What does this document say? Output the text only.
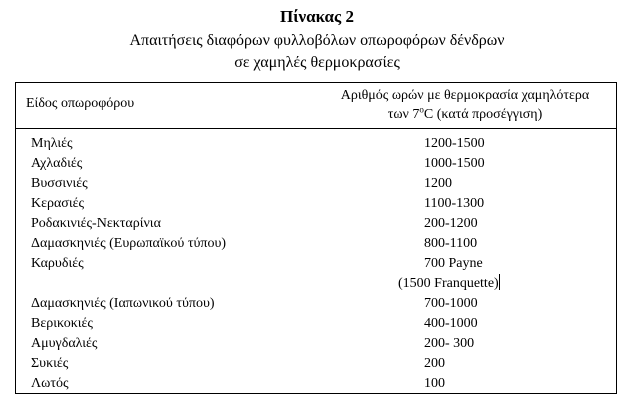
Πίνακας 2
Απαιτήσεις διαφόρων φυλλοβόλων οπωροφόρων δένδρων
σε χαμηλές θερμοκρασίες
Είδος οπωροφόρου
Αριθμός ωρών με θερμοκρασία χαμηλότερα
των $7^oC$ (κατά προσέγγιση)
Μηλιές	1200-1500
Αχλαδιές	1000-1500
Βυσσινιές	1200
Κερασιές	1100-1300
Ροδακινιές-Νεκταρίνια	200-1200
Δαμασκηνιές (Ευρωπαϊκού τύπου)	800-1100
Καρυδιές	700 Payne
(1500 Franquette)
Δαμασκηνιές (Ιαπωνικού τύπου)	700-1000
Βερικοκιές	400-1000
Αμυγδαλιές	200- 300
Συκιές	200
Λωτός	100
